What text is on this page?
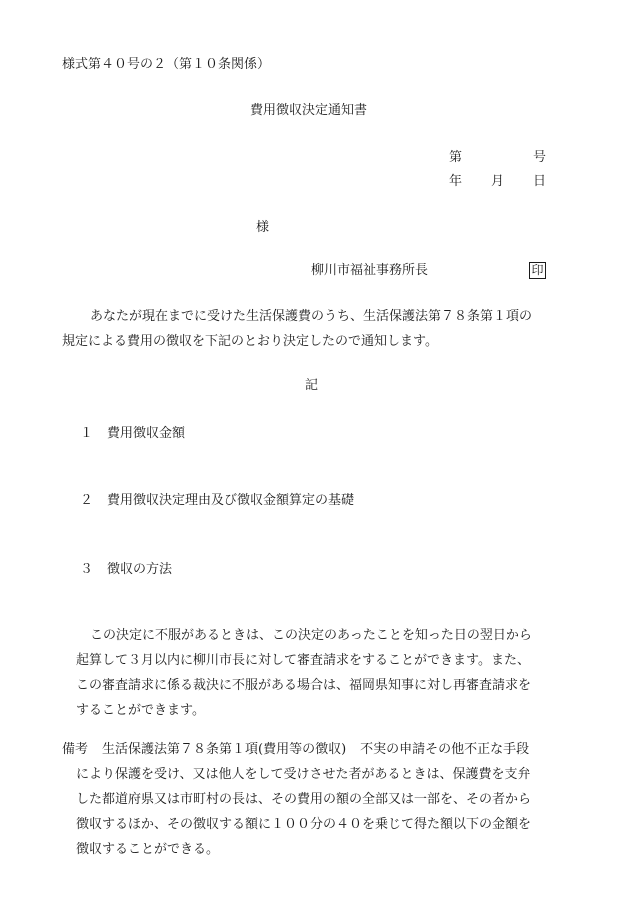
様式第４０号の２（第１０条関係）
費用徴収決定通知書
第	号
年 月 日
様
柳川市福祉事務所長	印
あなたが現在までに受けた生活保護費のうち、生活保護法第７８条第１項の
規定による費用の徴収を下記のとおり決定したので通知します。
記
１ 費用徴収金額
２ 費用徴収決定理由及び徴収金額算定の基礎
３ 徴収の方法
この決定に不服があるときは、この決定のあったことを知った日の翌日から
起算して３月以内に柳川市長に対して審査請求をすることができます。また、
この審査請求に係る裁決に不服がある場合は、福岡県知事に対し再審査請求を
することができます。
備考 生活保護法第７８条第１項(費用等の徴収) 不実の申請その他不正な手段
により保護を受け、又は他人をして受けさせた者があるときは、保護費を支弁
した都道府県又は市町村の長は、その費用の額の全部又は一部を、その者から
徴収するほか、その徴収する額に１００分の４０を乗じて得た額以下の金額を
徴収することができる。
